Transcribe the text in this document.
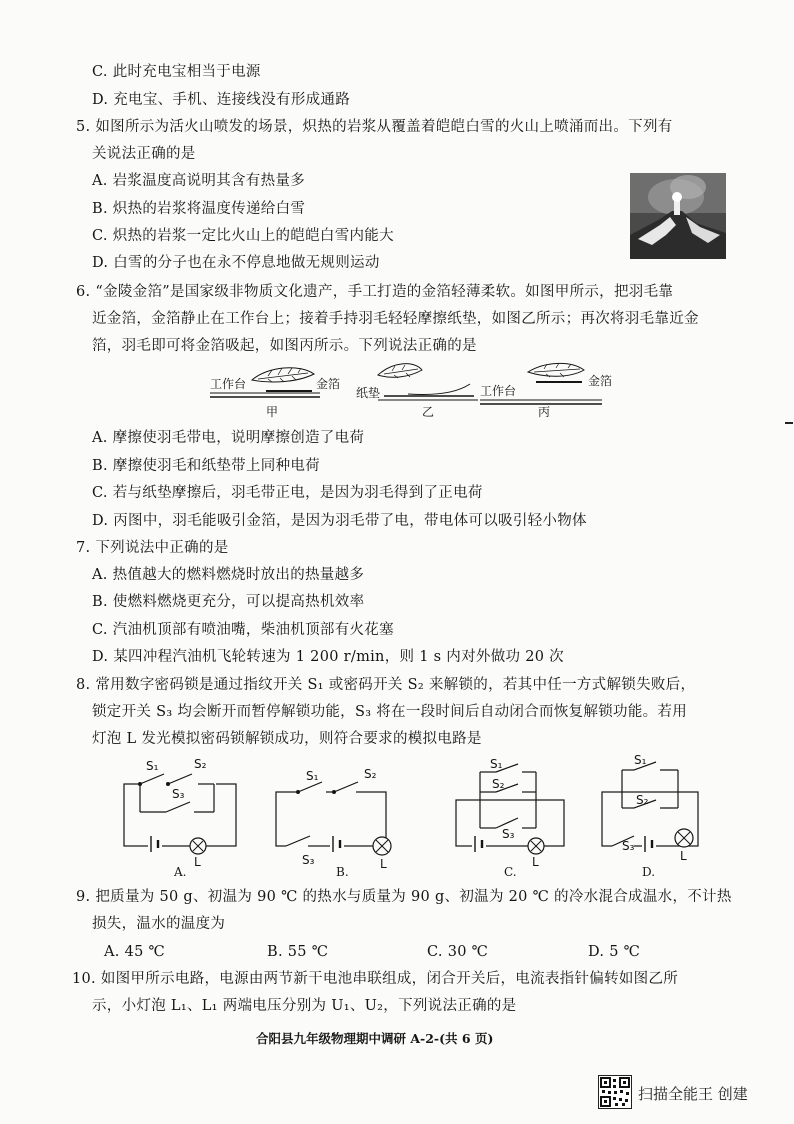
C. 此时充电宝相当于电源
D. 充电宝、手机、连接线没有形成通路
5. 如图所示为活火山喷发的场景，炽热的岩浆从覆盖着皑皑白雪的火山上喷涌而出。下列有
关说法正确的是
A. 岩浆温度高说明其含有热量多
B. 炽热的岩浆将温度传递给白雪
C. 炽热的岩浆一定比火山上的皑皑白雪内能大
D. 白雪的分子也在永不停息地做无规则运动
6. “金陵金箔”是国家级非物质文化遗产，手工打造的金箔轻薄柔软。如图甲所示，把羽毛靠
近金箔，金箔静止在工作台上；接着手持羽毛轻轻摩擦纸垫，如图乙所示；再次将羽毛靠近金
箔，羽毛即可将金箔吸起，如图丙所示。下列说法正确的是
A. 摩擦使羽毛带电，说明摩擦创造了电荷
B. 摩擦使羽毛和纸垫带上同种电荷
C. 若与纸垫摩擦后，羽毛带正电，是因为羽毛得到了正电荷
D. 丙图中，羽毛能吸引金箔，是因为羽毛带了电，带电体可以吸引轻小物体
7. 下列说法中正确的是
A. 热值越大的燃料燃烧时放出的热量越多
B. 使燃料燃烧更充分，可以提高热机效率
C. 汽油机顶部有喷油嘴，柴油机顶部有火花塞
D. 某四冲程汽油机飞轮转速为 1 200 r/min，则 1 s 内对外做功 20 次
8. 常用数字密码锁是通过指纹开关 S₁ 或密码开关 S₂ 来解锁的，若其中任一方式解锁失败后，
锁定开关 S₃ 均会断开而暂停解锁功能，S₃ 将在一段时间后自动闭合而恢复解锁功能。若用
灯泡 L 发光模拟密码锁解锁成功，则符合要求的模拟电路是
9. 把质量为 50 g、初温为 90 ℃ 的热水与质量为 90 g、初温为 20 ℃ 的冷水混合成温水，不计热
损失，温水的温度为
A. 45 ℃	B. 55 ℃	C. 30 ℃	D. 5 ℃
10. 如图甲所示电路，电源由两节新干电池串联组成，闭合开关后，电流表指针偏转如图乙所
示，小灯泡 L₁、L₁ 两端电压分别为 U₁、U₂，下列说法正确的是
工作台	金箔
甲
纸垫
乙
工作台
金箔
丙
S₁	S₂
S₃
L
A.
S₁	S₂
S₃	L
B.
S₁
S₂
S₃
L
C.
S₁
S₂
S₃
L
D.
合阳县九年级物理期中调研 A-2-(共 6 页)
扫描全能王 创建
